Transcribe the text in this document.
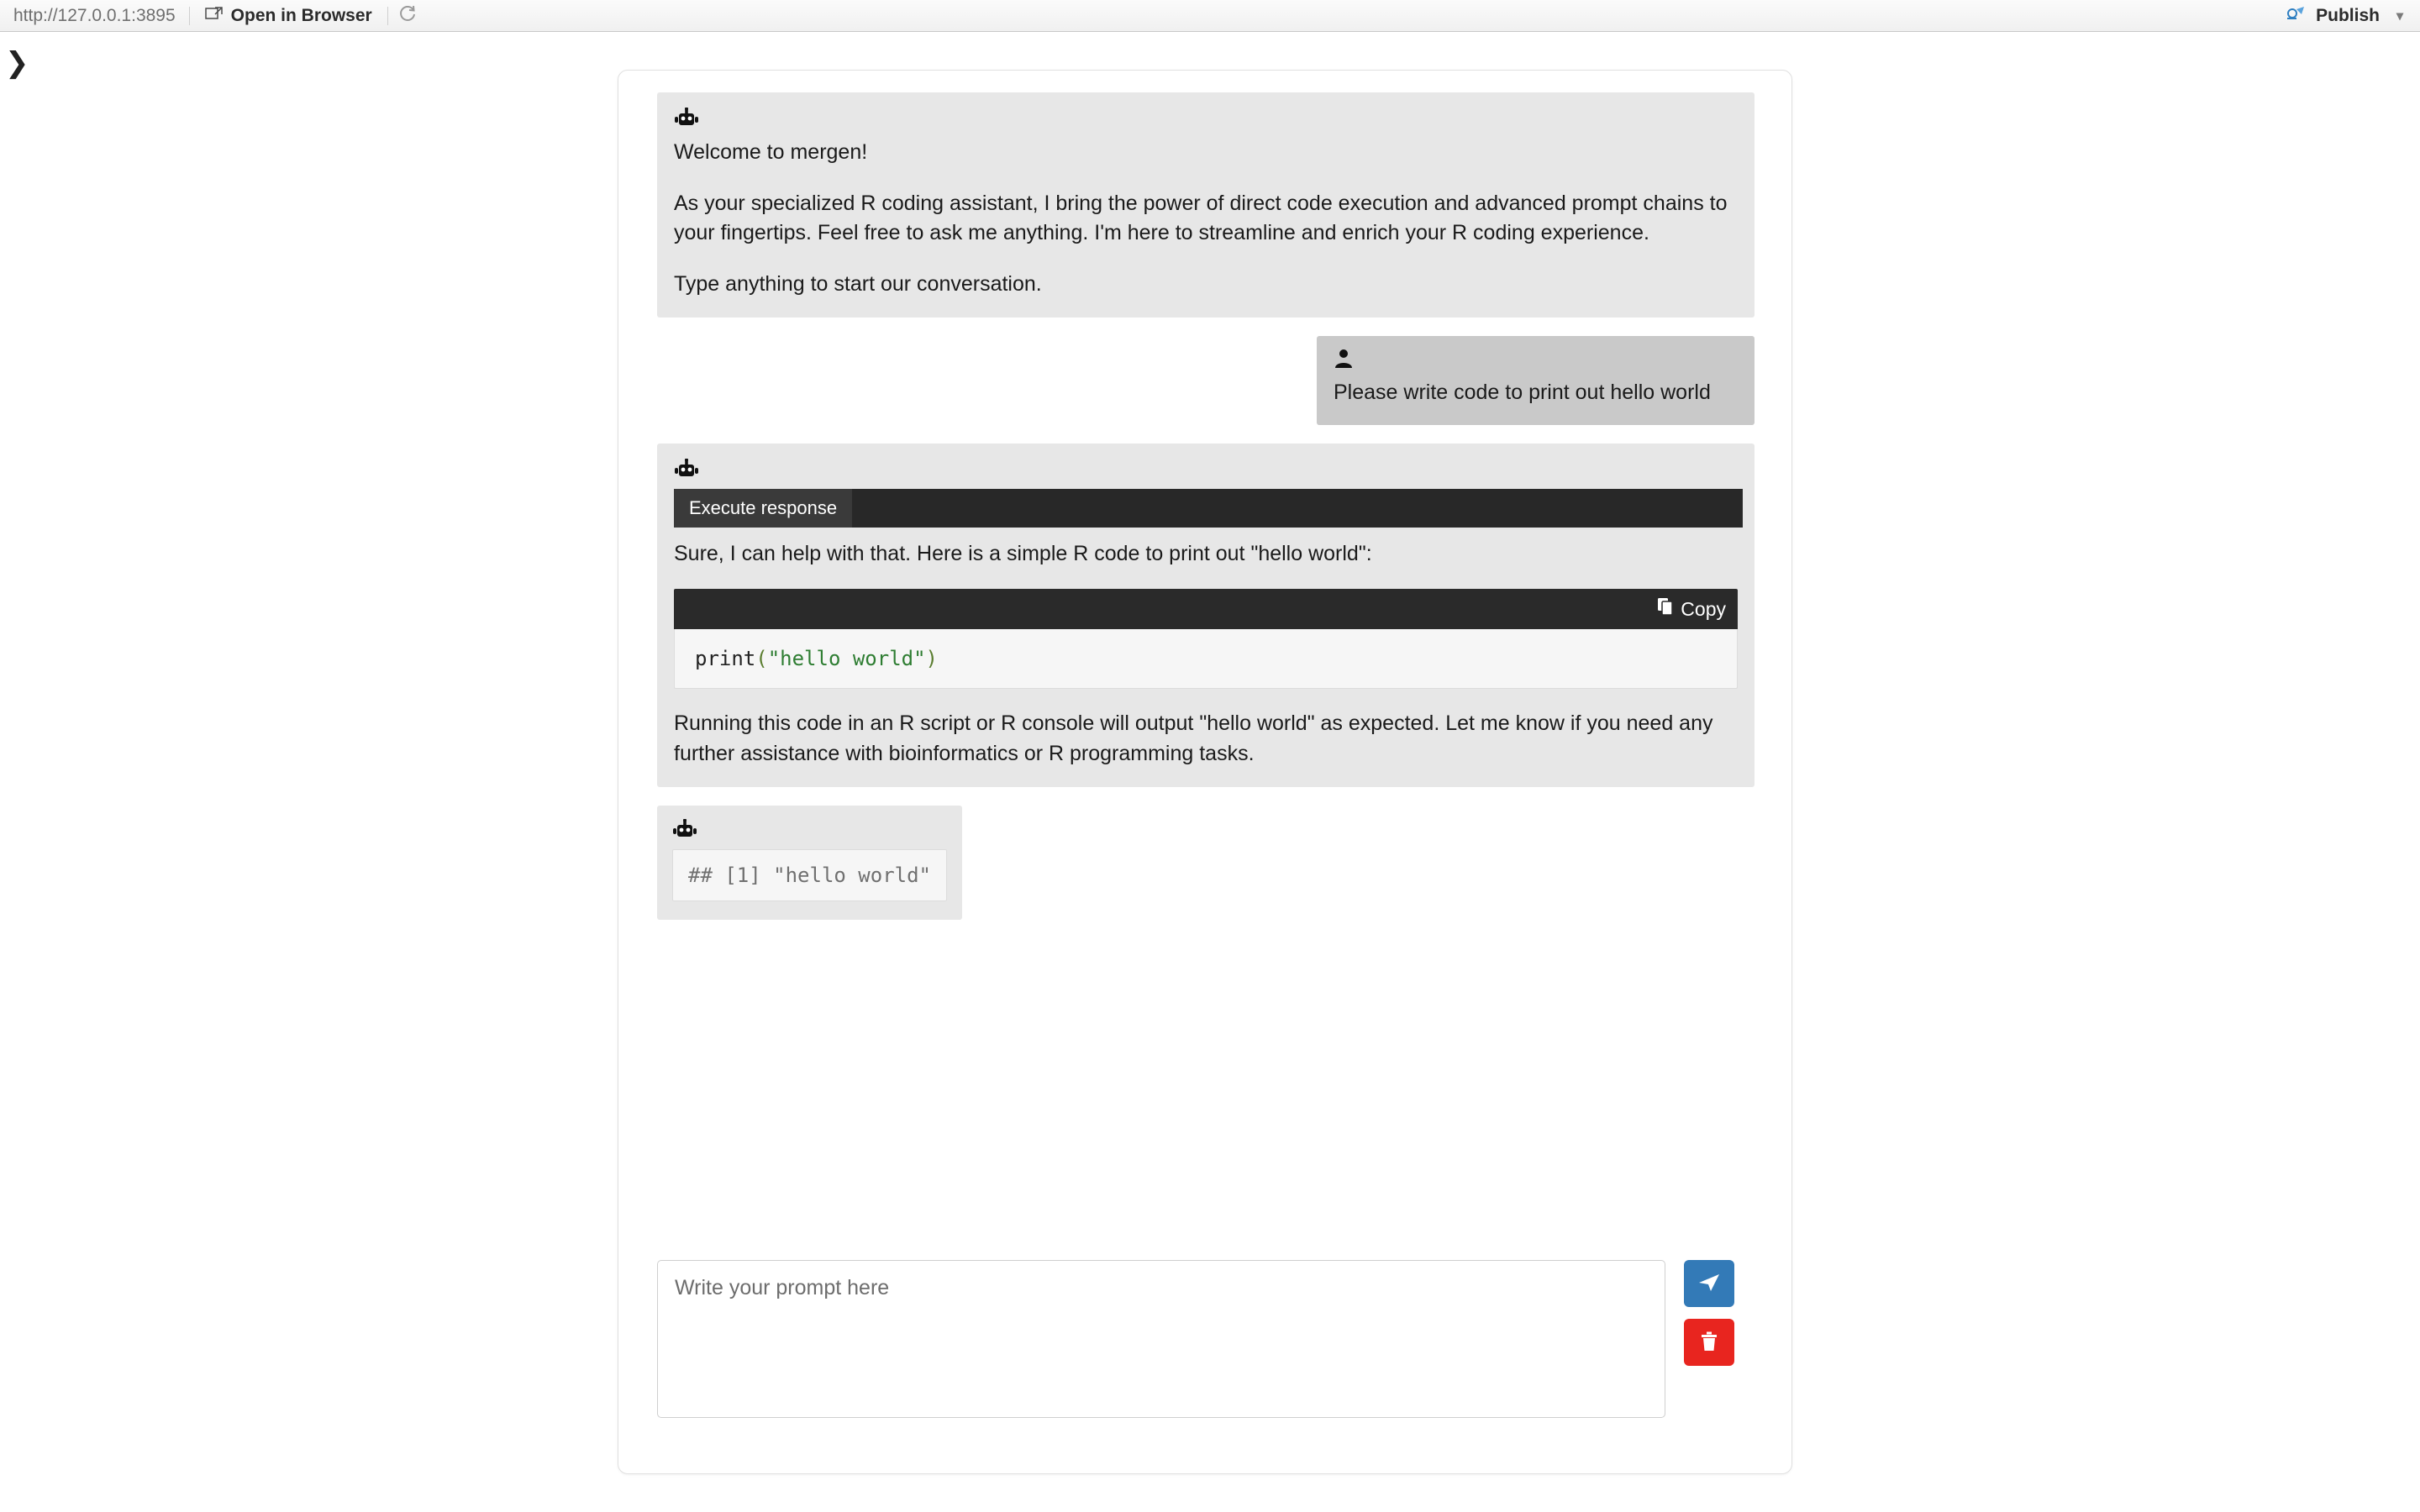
http://127.0.0.1:3895	Open in Browser	Publish ▾
❯

Welcome to mergen!

As your specialized R coding assistant, I bring the power of direct code execution and advanced prompt chains to your fingertips. Feel free to ask me anything. I'm here to streamline and enrich your R coding experience.

Type anything to start our conversation.

Please write code to print out hello world
Execute response
Sure, I can help with that. Here is a simple R code to print out "hello world":
Copy
print("hello world")
Running this code in an R script or R console will output "hello world" as expected. Let me know if you need any further assistance with bioinformatics or R programming tasks.
## [1] "hello world"
Write your prompt here
